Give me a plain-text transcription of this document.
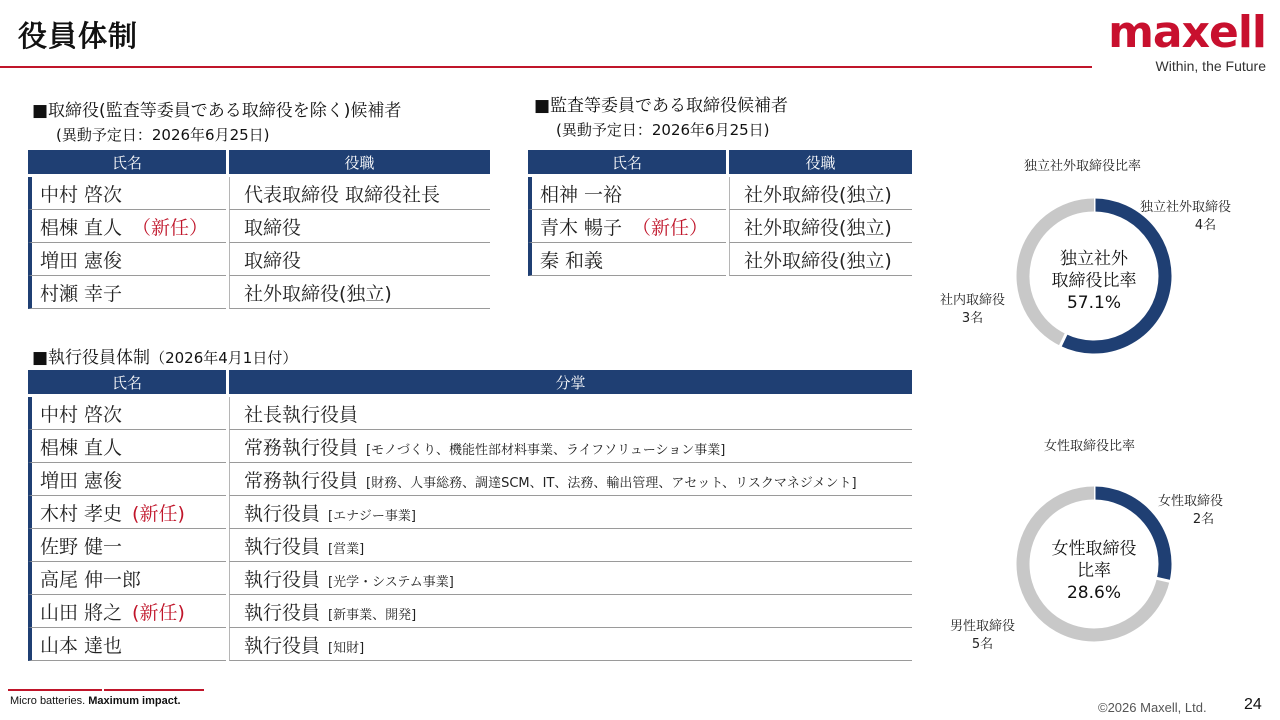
役員体制	maxell
Within, the Future
■取締役(監査等委員である取締役を除く)候補者
(異動予定日：2026年6月25日)
氏名	役職
中村 啓次	代表取締役 取締役社長
椙棟 直人 （新任）	取締役
増田 憲俊	取締役
村瀬 幸子	社外取締役(独立)
■監査等委員である取締役候補者
(異動予定日：2026年6月25日)
氏名	役職
相神 一裕	社外取締役(独立)
青木 暢子 （新任）	社外取締役(独立)
秦 和義	社外取締役(独立)
■執行役員体制（2026年4月1日付）
氏名	分掌
中村 啓次	社長執行役員
椙棟 直人	常務執行役員 [モノづくり、機能性部材料事業、ライフソリューション事業]
増田 憲俊	常務執行役員 [財務、人事総務、調達SCM、IT、法務、輸出管理、アセット、リスクマネジメント]
木村 孝史 (新任)	執行役員 [エナジー事業]
佐野 健一	執行役員 [営業]
高尾 伸一郎	執行役員 [光学・システム事業]
山田 將之 (新任)	執行役員 [新事業、開発]
山本 達也	執行役員 [知財]
独立社外取締役比率
独立社外
取締役比率
57.1%
独立社外取締役
4名
社内取締役
3名
女性取締役比率
女性取締役
比率
28.6%
女性取締役
2名
男性取締役
5名
Micro batteries. Maximum impact.	©2026 Maxell, Ltd. 24
